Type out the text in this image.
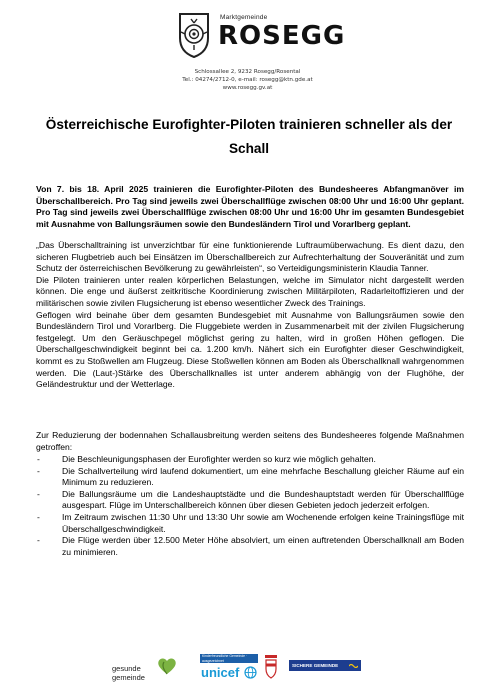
Marktgemeinde
ROSEGG
Schlossallee 2, 9232 Rosegg/Rosental
Tel.: 04274/2712-0, e-mail: rosegg@ktn.gde.at
www.rosegg.gv.at
Österreichische Eurofighter-Piloten trainieren schneller als der Schall
Von 7. bis 18. April 2025 trainieren die Eurofighter-Piloten des Bundesheeres Abfangmanöver im Überschallbereich. Pro Tag sind jeweils zwei Überschallflüge zwischen 08:00 Uhr und 16:00 Uhr geplant. Pro Tag sind jeweils zwei Überschallflüge zwischen 08:00 Uhr und 16:00 Uhr im gesamten Bundesgebiet mit Ausnahme von Ballungsräumen sowie den Bundesländern Tirol und Vorarlberg geplant.
„Das Überschalltraining ist unverzichtbar für eine funktionierende Luftraumüberwachung. Es dient dazu, den sicheren Flugbetrieb auch bei Einsätzen im Überschallbereich zur Aufrechterhaltung der Souveränität und zum Schutz der österreichischen Bevölkerung zu gewährleisten“, so Verteidigungsministerin Klaudia Tanner.
Die Piloten trainieren unter realen körperlichen Belastungen, welche im Simulator nicht dargestellt werden können. Die enge und äußerst zeitkritische Koordinierung zwischen Militärpiloten, Radarleitoffizieren und der militärischen sowie zivilen Flugsicherung ist ebenso wesentlicher Zweck des Trainings.
Geflogen wird beinahe über dem gesamten Bundesgebiet mit Ausnahme von Ballungsräumen sowie den Bundesländern Tirol und Vorarlberg. Die Fluggebiete werden in Zusammenarbeit mit der zivilen Flugsicherung festgelegt. Um den Geräuschpegel möglichst gering zu halten, wird in großen Höhen geflogen. Die Überschallgeschwindigkeit beginnt bei ca. 1.200 km/h. Nähert sich ein Eurofighter dieser Geschwindigkeit, kommt es zu Stoßwellen am Flugzeug. Diese Stoßwellen können am Boden als Überschallknall wahrgenommen werden. Die (Laut-)Stärke des Überschallknalles ist unter anderem abhängig von der Flughöhe, der Geländestruktur und der Wetterlage.
Zur Reduzierung der bodennahen Schallausbreitung werden seitens des Bundesheeres folgende Maßnahmen getroffen:
-	Die Beschleunigungsphasen der Eurofighter werden so kurz wie möglich gehalten.
-	Die Schallverteilung wird laufend dokumentiert, um eine mehrfache Beschallung gleicher Räume auf ein Minimum zu reduzieren.
-	Die Ballungsräume um die Landeshauptstädte und die Bundeshauptstadt werden für Überschallflüge ausgespart. Flüge im Unterschallbereich können über diesen Gebieten jedoch jederzeit erfolgen.
-	Im Zeitraum zwischen 11:30 Uhr und 13:30 Uhr sowie am Wochenende erfolgen keine Trainingsflüge mit Überschallgeschwindigkeit.
-	Die Flüge werden über 12.500 Meter Höhe absolviert, um einen auftretenden Überschallknall am Boden zu minimieren.
gesunde
gemeinde
Kinderfreundliche Gemeinde · ausgezeichnet
unicef	SICHERE GEMEINDE
